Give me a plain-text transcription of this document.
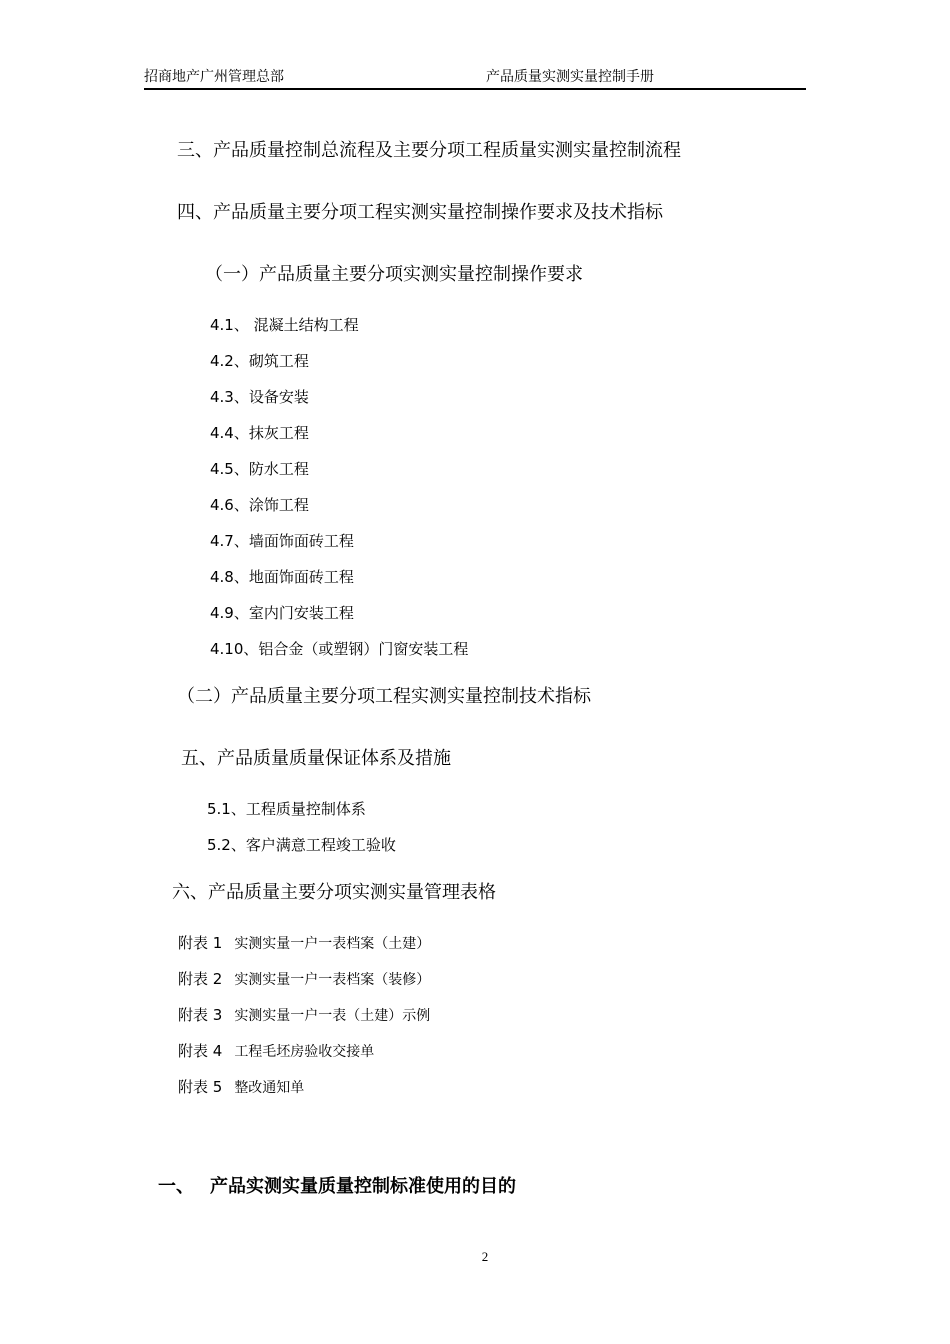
招商地产广州管理总部	产品质量实测实量控制手册
三、产品质量控制总流程及主要分项工程质量实测实量控制流程
四、产品质量主要分项工程实测实量控制操作要求及技术指标
（一）产品质量主要分项实测实量控制操作要求
4.1、 混凝土结构工程
4.2、砌筑工程
4.3、设备安装
4.4、抹灰工程
4.5、防水工程
4.6、涂饰工程
4.7、墙面饰面砖工程
4.8、地面饰面砖工程
4.9、室内门安装工程
4.10、铝合金（或塑钢）门窗安装工程
（二）产品质量主要分项工程实测实量控制技术指标
五、产品质量质量保证体系及措施
5.1、工程质量控制体系
5.2、客户满意工程竣工验收
六、产品质量主要分项实测实量管理表格
附表 1 实测实量一户一表档案（土建）
附表 2 实测实量一户一表档案（装修）
附表 3 实测实量一户一表（土建）示例
附表 4 工程毛坯房验收交接单
附表 5 整改通知单
一、 产品实测实量质量控制标准使用的目的
2
